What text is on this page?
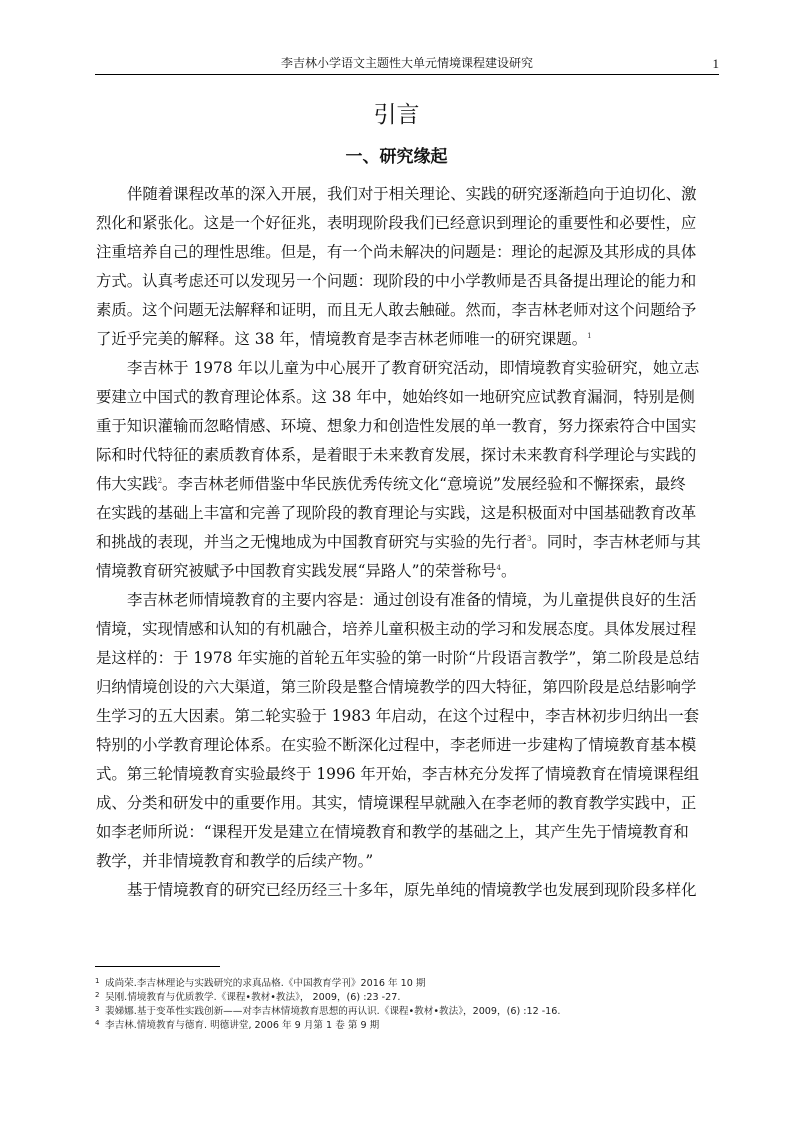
李吉林小学语文主题性大单元情境课程建设研究	1
引言
一、研究缘起
伴随着课程改革的深入开展，我们对于相关理论、实践的研究逐渐趋向于迫切化、激
烈化和紧张化。这是一个好征兆，表明现阶段我们已经意识到理论的重要性和必要性，应
注重培养自己的理性思维。但是，有一个尚未解决的问题是：理论的起源及其形成的具体
方式。认真考虑还可以发现另一个问题：现阶段的中小学教师是否具备提出理论的能力和
素质。这个问题无法解释和证明，而且无人敢去触碰。然而，李吉林老师对这个问题给予
了近乎完美的解释。这 38 年，情境教育是李吉林老师唯一的研究课题。$^1$
李吉林于 1978 年以儿童为中心展开了教育研究活动，即情境教育实验研究，她立志
要建立中国式的教育理论体系。这 38 年中，她始终如一地研究应试教育漏洞，特别是侧
重于知识灌输而忽略情感、环境、想象力和创造性发展的单一教育，努力探索符合中国实
际和时代特征的素质教育体系，是着眼于未来教育发展，探讨未来教育科学理论与实践的
伟大实践$^2$。李吉林老师借鉴中华民族优秀传统文化“意境说”发展经验和不懈探索，最终
在实践的基础上丰富和完善了现阶段的教育理论与实践，这是积极面对中国基础教育改革
和挑战的表现，并当之无愧地成为中国教育研究与实验的先行者$^3$。同时，李吉林老师与其
情境教育研究被赋予中国教育实践发展“异路人”的荣誉称号$^4$。
李吉林老师情境教育的主要内容是：通过创设有准备的情境，为儿童提供良好的生活
情境，实现情感和认知的有机融合，培养儿童积极主动的学习和发展态度。具体发展过程
是这样的：于 1978 年实施的首轮五年实验的第一时阶“片段语言教学”，第二阶段是总结
归纳情境创设的六大渠道，第三阶段是整合情境教学的四大特征，第四阶段是总结影响学
生学习的五大因素。第二轮实验于 1983 年启动，在这个过程中，李吉林初步归纳出一套
特别的小学教育理论体系。在实验不断深化过程中，李老师进一步建构了情境教育基本模
式。第三轮情境教育实验最终于 1996 年开始，李吉林充分发挥了情境教育在情境课程组
成、分类和研发中的重要作用。其实，情境课程早就融入在李老师的教育教学实践中，正
如李老师所说：“课程开发是建立在情境教育和教学的基础之上，其产生先于情境教育和
教学，并非情境教育和教学的后续产物。”
基于情境教育的研究已经历经三十多年，原先单纯的情境教学也发展到现阶段多样化
1 成尚荣.李吉林理论与实践研究的求真品格.《中国教育学刊》2016 年 10 期
2 吴刚.情境教育与优质教学.《课程•教材•教法》， 2009，(6) :23 -27.
3 裴娣娜.基于变革性实践创新——对李吉林情境教育思想的再认识.《课程•教材•教法》，2009，(6) :12 -16.
4 李吉林.情境教育与德育. 明德讲堂, 2006 年 9 月第 1 卷 第 9 期
